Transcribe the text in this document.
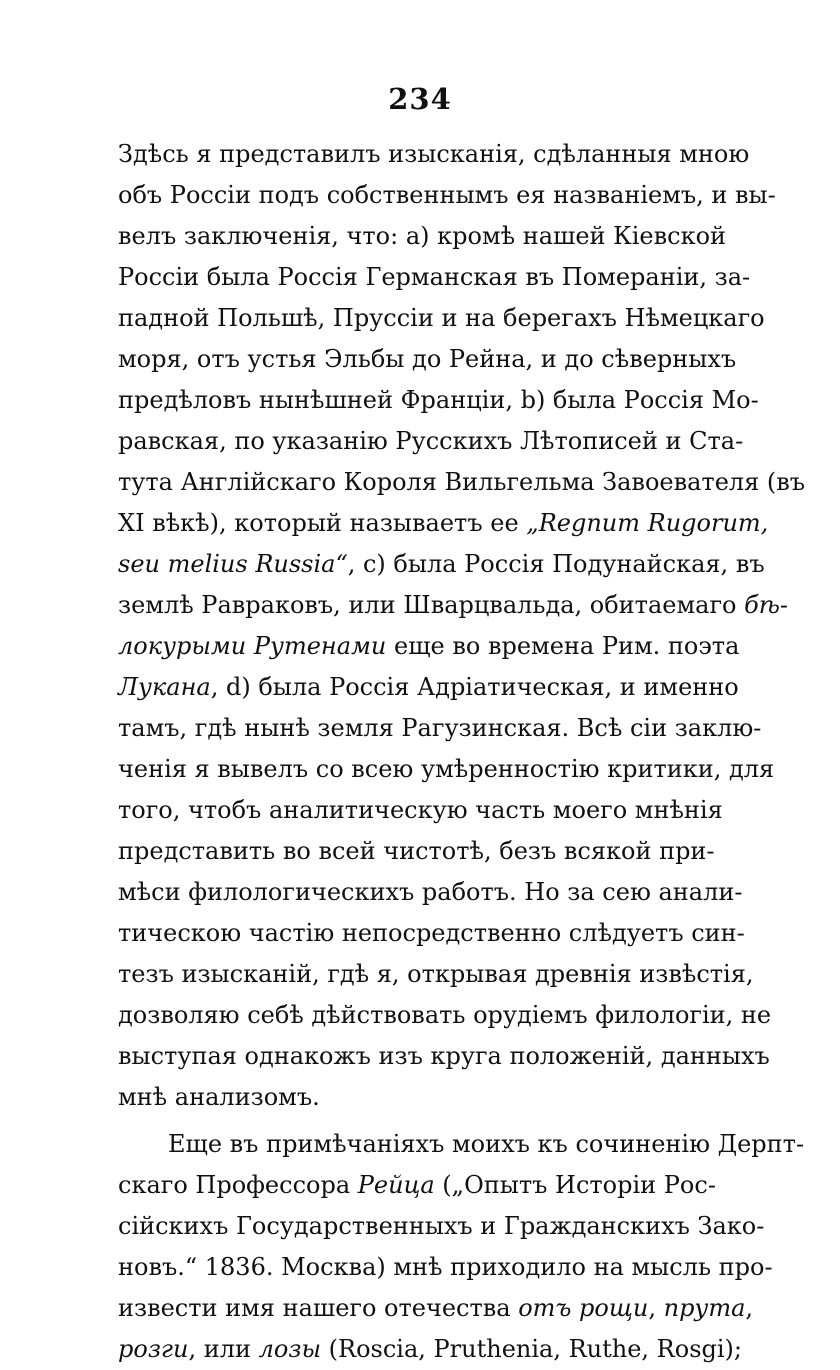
234
Здѣсь я представилъ изысканія, сдѣланныя мною
объ Россіи подъ собственнымъ ея названіемъ, и вы-
велъ заключенія, что: а) кромѣ нашей Кіевской
Россіи была Россія Германская въ Помераніи, за-
падной Польшѣ, Пруссіи и на берегахъ Нѣмецкаго
моря, отъ устья Эльбы до Рейна, и до сѣверныхъ
предѣловъ нынѣшней Франціи, b) была Россія Мо-
равская, по указанію Русскихъ Лѣтописей и Ста-
тута Англійскаго Короля Вильгельма Завоевателя (въ
XI вѣкѣ), который называетъ ее „Regnum Rugorum,
seu melius Russia“, с) была Россія Подунайская, въ
землѣ Равраковъ, или Шварцвальда, обитаемаго бѣ-
локурыми Рутенами еще во времена Рим. поэта
Лукана, d) была Россія Адріатическая, и именно
тамъ, гдѣ нынѣ земля Рагузинская. Всѣ сіи заклю-
ченія я вывелъ со всею умѣренностію критики, для
того, чтобъ аналитическую часть моего мнѣнія
представить во всей чистотѣ, безъ всякой при-
мѣси филологическихъ работъ. Но за сею анали-
тическою частію непосредственно слѣдуетъ син-
тезъ изысканій, гдѣ я, открывая древнія извѣстія,
дозволяю себѣ дѣйствовать орудіемъ филологіи, не
выступая однакожъ изъ круга положеній, данныхъ
мнѣ анализомъ.
Еще въ примѣчаніяхъ моихъ къ сочиненію Дерпт-
скаго Профессора Рейца („Опытъ Исторіи Рос-
сійскихъ Государственныхъ и Гражданскихъ Зако-
новъ.“ 1836. Москва) мнѣ приходило на мысль про-
извести имя нашего отечества отъ рощи, прута,
розги, или лозы (Roscia, Pruthenia, Ruthe, Rosgi);
